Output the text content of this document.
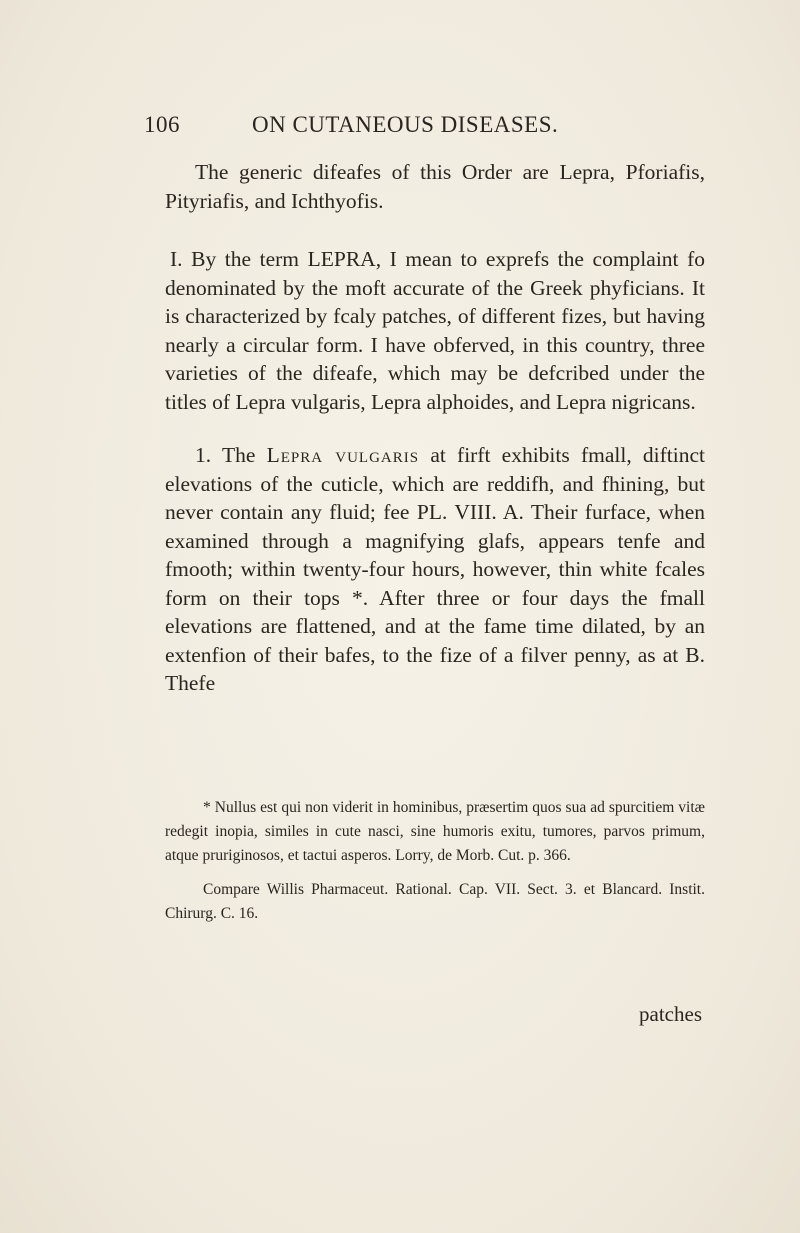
106	ON CUTANEOUS DISEASES.

The generic difeafes of this Order are Lepra, Pforiafis, Pityriafis, and Ichthyofis.

I. By the term LEPRA, I mean to exprefs the complaint fo denominated by the moft accurate of the Greek phyficians. It is characterized by fcaly patches, of different fizes, but having nearly a circular form. I have obferved, in this country, three varieties of the difeafe, which may be defcribed under the titles of Lepra vulgaris, Lepra alphoides, and Lepra nigricans.

1. The Lepra vulgaris at firft exhibits fmall, diftinct elevations of the cuticle, which are reddifh, and fhining, but never contain any fluid; fee PL. VIII. A. Their furface, when examined through a magnifying glafs, appears tenfe and fmooth; within twenty-four hours, however, thin white fcales form on their tops *. After three or four days the fmall elevations are flattened, and at the fame time dilated, by an extenfion of their bafes, to the fize of a filver penny, as at B. Thefe

* Nullus est qui non viderit in hominibus, præsertim quos sua ad spurcitiem vitæ redegit inopia, similes in cute nasci, sine humoris exitu, tumores, parvos primum, atque pruriginosos, et tactui asperos. Lorry, de Morb. Cut. p. 366.

Compare Willis Pharmaceut. Rational. Cap. VII. Sect. 3. et Blancard. Instit. Chirurg. C. 16.

patches
